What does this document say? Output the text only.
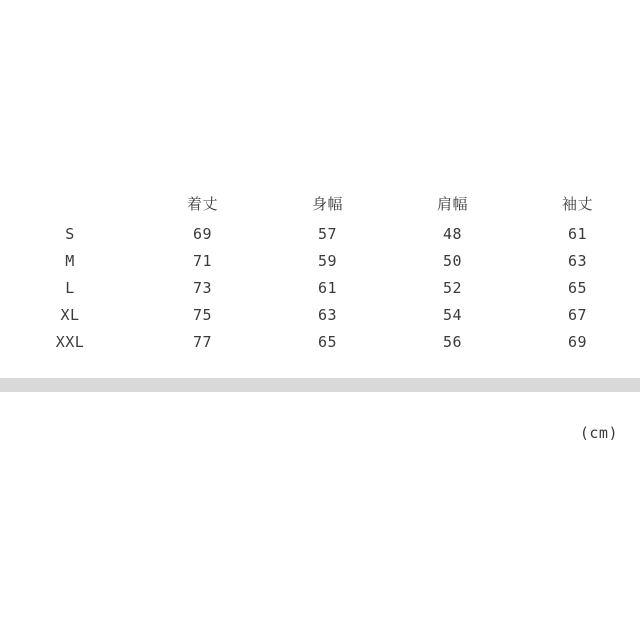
	着丈	身幅	肩幅	袖丈
S	69	57	48	61
M	71	59	50	63
L	73	61	52	65
XL	75	63	54	67
XXL	77	65	56	69
(cm)
